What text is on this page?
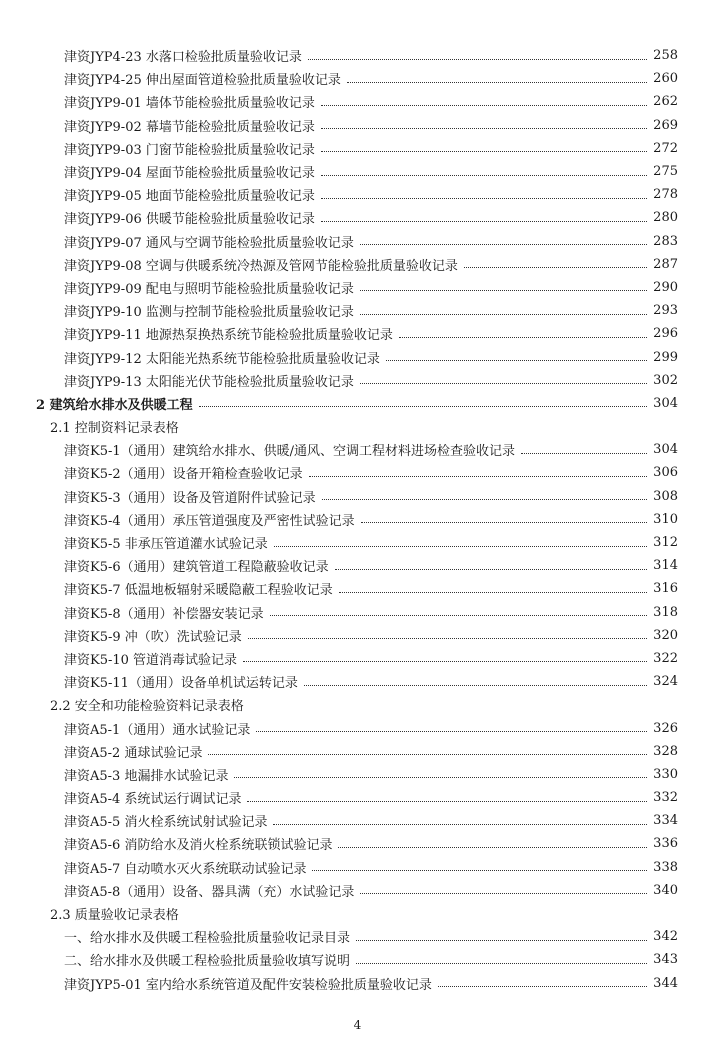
津资JYP4-23 水落口检验批质量验收记录	258
津资JYP4-25 伸出屋面管道检验批质量验收记录	260
津资JYP9-01 墙体节能检验批质量验收记录	262
津资JYP9-02 幕墙节能检验批质量验收记录	269
津资JYP9-03 门窗节能检验批质量验收记录	272
津资JYP9-04 屋面节能检验批质量验收记录	275
津资JYP9-05 地面节能检验批质量验收记录	278
津资JYP9-06 供暖节能检验批质量验收记录	280
津资JYP9-07 通风与空调节能检验批质量验收记录	283
津资JYP9-08 空调与供暖系统冷热源及管网节能检验批质量验收记录	287
津资JYP9-09 配电与照明节能检验批质量验收记录	290
津资JYP9-10 监测与控制节能检验批质量验收记录	293
津资JYP9-11 地源热泵换热系统节能检验批质量验收记录	296
津资JYP9-12 太阳能光热系统节能检验批质量验收记录	299
津资JYP9-13 太阳能光伏节能检验批质量验收记录	302
2 建筑给水排水及供暖工程	304
2.1 控制资料记录表格
津资K5-1（通用）建筑给水排水、供暖/通风、空调工程材料进场检查验收记录	304
津资K5-2（通用）设备开箱检查验收记录	306
津资K5-3（通用）设备及管道附件试验记录	308
津资K5-4（通用）承压管道强度及严密性试验记录	310
津资K5-5 非承压管道灌水试验记录	312
津资K5-6（通用）建筑管道工程隐蔽验收记录	314
津资K5-7 低温地板辐射采暖隐蔽工程验收记录	316
津资K5-8（通用）补偿器安装记录	318
津资K5-9 冲（吹）洗试验记录	320
津资K5-10 管道消毒试验记录	322
津资K5-11（通用）设备单机试运转记录	324
2.2 安全和功能检验资料记录表格
津资A5-1（通用）通水试验记录	326
津资A5-2 通球试验记录	328
津资A5-3 地漏排水试验记录	330
津资A5-4 系统试运行调试记录	332
津资A5-5 消火栓系统试射试验记录	334
津资A5-6 消防给水及消火栓系统联锁试验记录	336
津资A5-7 自动喷水灭火系统联动试验记录	338
津资A5-8（通用）设备、器具满（充）水试验记录	340
2.3 质量验收记录表格
一、给水排水及供暖工程检验批质量验收记录目录	342
二、给水排水及供暖工程检验批质量验收填写说明	343
津资JYP5-01 室内给水系统管道及配件安装检验批质量验收记录	344
4
